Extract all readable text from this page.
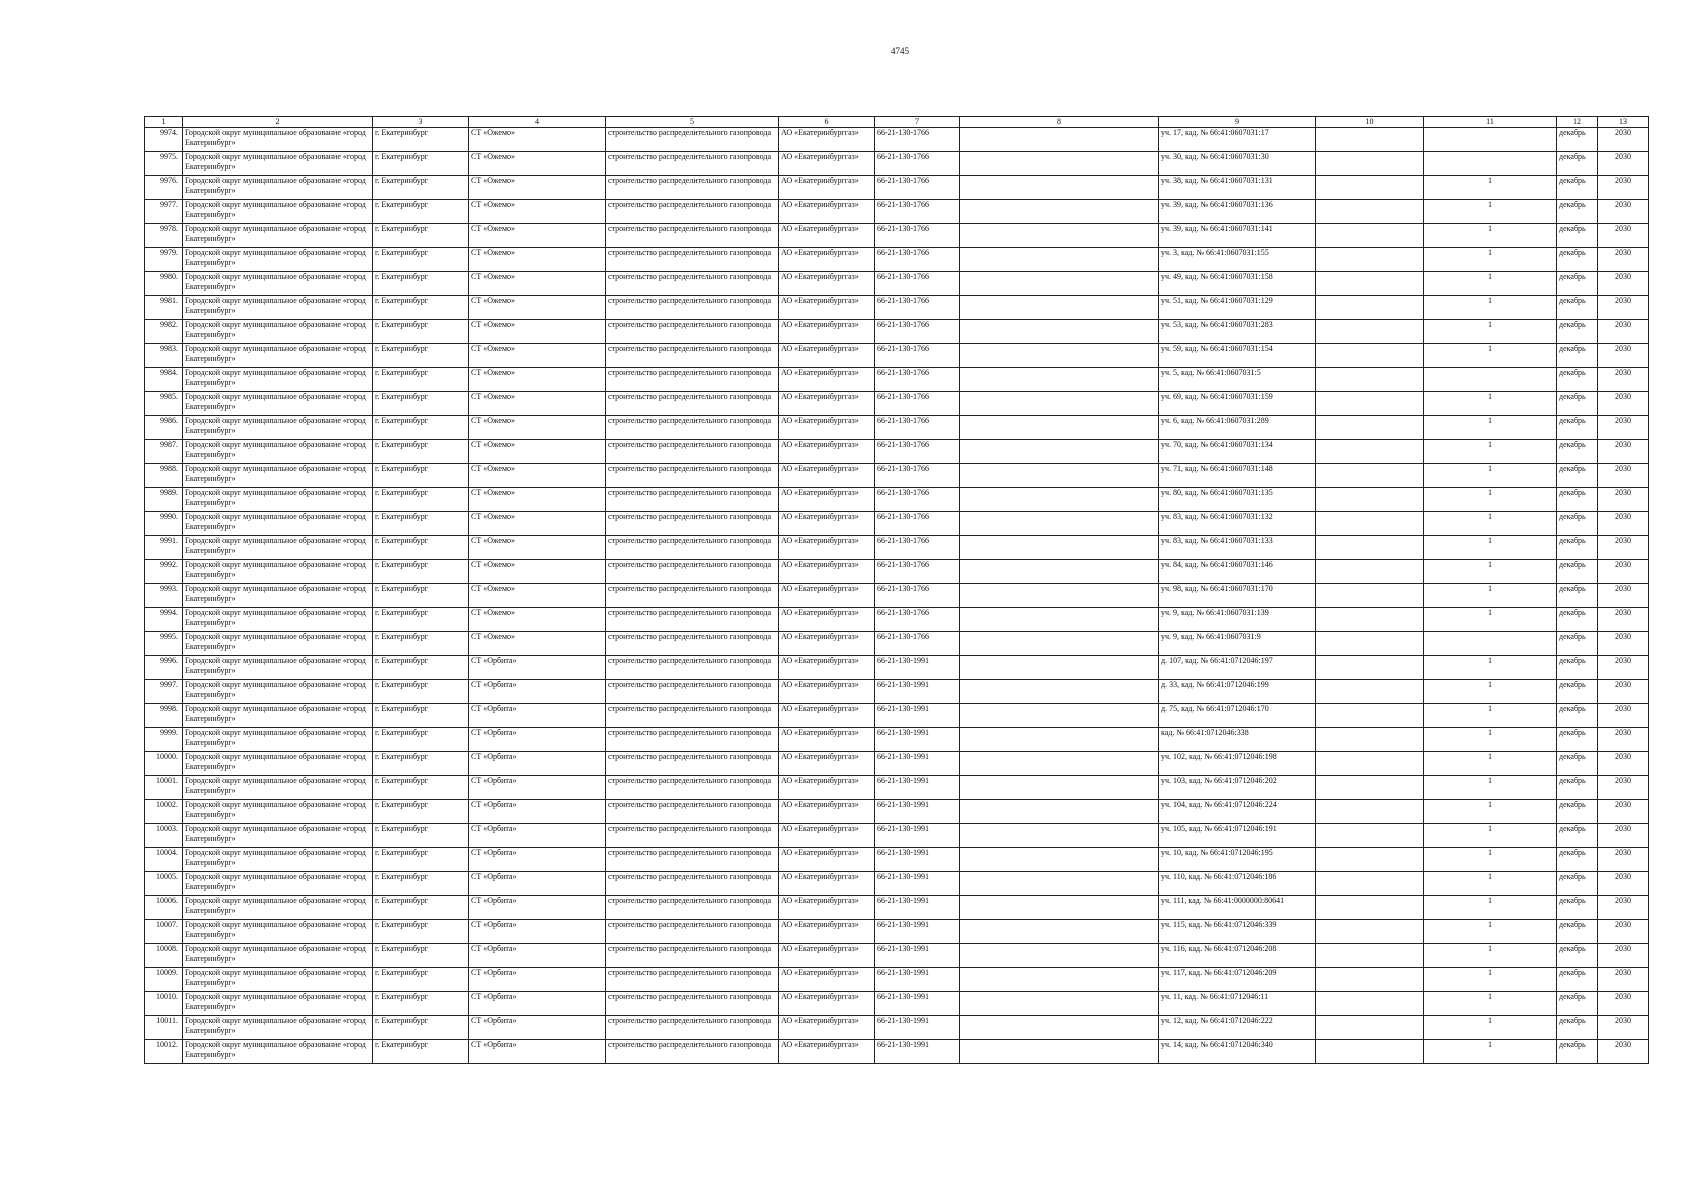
4745
1	2	3	4	5	6	7	8	9	10	11	12	13
9974.	Городской округ муниципальное образование «город Екатеринбург»	г. Екатеринбург	СТ «Ожемо»	строительство распределительного газопровода	АО «Екатеринбурггаз»	66-21-130-1766		уч. 17, кад. № 66:41:0607031:17			декабрь	2030
9975.	Городской округ муниципальное образование «город Екатеринбург»	г. Екатеринбург	СТ «Ожемо»	строительство распределительного газопровода	АО «Екатеринбурггаз»	66-21-130-1766		уч. 30, кад. № 66:41:0607031:30			декабрь	2030
9976.	Городской округ муниципальное образование «город Екатеринбург»	г. Екатеринбург	СТ «Ожемо»	строительство распределительного газопровода	АО «Екатеринбурггаз»	66-21-130-1766		уч. 38, кад. № 66:41:0607031:131		1	декабрь	2030
9977.	Городской округ муниципальное образование «город Екатеринбург»	г. Екатеринбург	СТ «Ожемо»	строительство распределительного газопровода	АО «Екатеринбурггаз»	66-21-130-1766		уч. 39, кад. № 66:41:0607031:136		1	декабрь	2030
9978.	Городской округ муниципальное образование «город Екатеринбург»	г. Екатеринбург	СТ «Ожемо»	строительство распределительного газопровода	АО «Екатеринбурггаз»	66-21-130-1766		уч. 39, кад. № 66:41:0607031:141		1	декабрь	2030
9979.	Городской округ муниципальное образование «город Екатеринбург»	г. Екатеринбург	СТ «Ожемо»	строительство распределительного газопровода	АО «Екатеринбурггаз»	66-21-130-1766		уч. 3, кад. № 66:41:0607031:155		1	декабрь	2030
9980.	Городской округ муниципальное образование «город Екатеринбург»	г. Екатеринбург	СТ «Ожемо»	строительство распределительного газопровода	АО «Екатеринбурггаз»	66-21-130-1766		уч. 49, кад. № 66:41:0607031:158		1	декабрь	2030
9981.	Городской округ муниципальное образование «город Екатеринбург»	г. Екатеринбург	СТ «Ожемо»	строительство распределительного газопровода	АО «Екатеринбурггаз»	66-21-130-1766		уч. 51, кад. № 66:41:0607031:129		1	декабрь	2030
9982.	Городской округ муниципальное образование «город Екатеринбург»	г. Екатеринбург	СТ «Ожемо»	строительство распределительного газопровода	АО «Екатеринбурггаз»	66-21-130-1766		уч. 53, кад. № 66:41:0607031:283		1	декабрь	2030
9983.	Городской округ муниципальное образование «город Екатеринбург»	г. Екатеринбург	СТ «Ожемо»	строительство распределительного газопровода	АО «Екатеринбурггаз»	66-21-130-1766		уч. 59, кад. № 66:41:0607031:154		1	декабрь	2030
9984.	Городской округ муниципальное образование «город Екатеринбург»	г. Екатеринбург	СТ «Ожемо»	строительство распределительного газопровода	АО «Екатеринбурггаз»	66-21-130-1766		уч. 5, кад. № 66:41:0607031:5			декабрь	2030
9985.	Городской округ муниципальное образование «город Екатеринбург»	г. Екатеринбург	СТ «Ожемо»	строительство распределительного газопровода	АО «Екатеринбурггаз»	66-21-130-1766		уч. 69, кад. № 66:41:0607031:159		1	декабрь	2030
9986.	Городской округ муниципальное образование «город Екатеринбург»	г. Екатеринбург	СТ «Ожемо»	строительство распределительного газопровода	АО «Екатеринбурггаз»	66-21-130-1766		уч. 6, кад. № 66:41:0607031:289		1	декабрь	2030
9987.	Городской округ муниципальное образование «город Екатеринбург»	г. Екатеринбург	СТ «Ожемо»	строительство распределительного газопровода	АО «Екатеринбурггаз»	66-21-130-1766		уч. 70, кад. № 66:41:0607031:134		1	декабрь	2030
9988.	Городской округ муниципальное образование «город Екатеринбург»	г. Екатеринбург	СТ «Ожемо»	строительство распределительного газопровода	АО «Екатеринбурггаз»	66-21-130-1766		уч. 71, кад. № 66:41:0607031:148		1	декабрь	2030
9989.	Городской округ муниципальное образование «город Екатеринбург»	г. Екатеринбург	СТ «Ожемо»	строительство распределительного газопровода	АО «Екатеринбурггаз»	66-21-130-1766		уч. 80, кад. № 66:41:0607031:135		1	декабрь	2030
9990.	Городской округ муниципальное образование «город Екатеринбург»	г. Екатеринбург	СТ «Ожемо»	строительство распределительного газопровода	АО «Екатеринбурггаз»	66-21-130-1766		уч. 83, кад. № 66:41:0607031:132		1	декабрь	2030
9991.	Городской округ муниципальное образование «город Екатеринбург»	г. Екатеринбург	СТ «Ожемо»	строительство распределительного газопровода	АО «Екатеринбурггаз»	66-21-130-1766		уч. 83, кад. № 66:41:0607031:133		1	декабрь	2030
9992.	Городской округ муниципальное образование «город Екатеринбург»	г. Екатеринбург	СТ «Ожемо»	строительство распределительного газопровода	АО «Екатеринбурггаз»	66-21-130-1766		уч. 84, кад. № 66:41:0607031:146		1	декабрь	2030
9993.	Городской округ муниципальное образование «город Екатеринбург»	г. Екатеринбург	СТ «Ожемо»	строительство распределительного газопровода	АО «Екатеринбурггаз»	66-21-130-1766		уч. 98, кад. № 66:41:0607031:170		1	декабрь	2030
9994.	Городской округ муниципальное образование «город Екатеринбург»	г. Екатеринбург	СТ «Ожемо»	строительство распределительного газопровода	АО «Екатеринбурггаз»	66-21-130-1766		уч. 9, кад. № 66:41:0607031:139		1	декабрь	2030
9995.	Городской округ муниципальное образование «город Екатеринбург»	г. Екатеринбург	СТ «Ожемо»	строительство распределительного газопровода	АО «Екатеринбурггаз»	66-21-130-1766		уч. 9, кад. № 66:41:0607031:9			декабрь	2030
9996.	Городской округ муниципальное образование «город Екатеринбург»	г. Екатеринбург	СТ «Орбита»	строительство распределительного газопровода	АО «Екатеринбурггаз»	66-21-130-1991		д. 107, кад. № 66:41:0712046:197		1	декабрь	2030
9997.	Городской округ муниципальное образование «город Екатеринбург»	г. Екатеринбург	СТ «Орбита»	строительство распределительного газопровода	АО «Екатеринбурггаз»	66-21-130-1991		д. 33, кад. № 66:41:0712046:199		1	декабрь	2030
9998.	Городской округ муниципальное образование «город Екатеринбург»	г. Екатеринбург	СТ «Орбита»	строительство распределительного газопровода	АО «Екатеринбурггаз»	66-21-130-1991		д. 75, кад. № 66:41:0712046:170		1	декабрь	2030
9999.	Городской округ муниципальное образование «город Екатеринбург»	г. Екатеринбург	СТ «Орбита»	строительство распределительного газопровода	АО «Екатеринбурггаз»	66-21-130-1991		кад. № 66:41:0712046:338		1	декабрь	2030
10000.	Городской округ муниципальное образование «город Екатеринбург»	г. Екатеринбург	СТ «Орбита»	строительство распределительного газопровода	АО «Екатеринбурггаз»	66-21-130-1991		уч. 102, кад. № 66:41:0712046:198		1	декабрь	2030
10001.	Городской округ муниципальное образование «город Екатеринбург»	г. Екатеринбург	СТ «Орбита»	строительство распределительного газопровода	АО «Екатеринбурггаз»	66-21-130-1991		уч. 103, кад. № 66:41:0712046:202		1	декабрь	2030
10002.	Городской округ муниципальное образование «город Екатеринбург»	г. Екатеринбург	СТ «Орбита»	строительство распределительного газопровода	АО «Екатеринбурггаз»	66-21-130-1991		уч. 104, кад. № 66:41:0712046:224		1	декабрь	2030
10003.	Городской округ муниципальное образование «город Екатеринбург»	г. Екатеринбург	СТ «Орбита»	строительство распределительного газопровода	АО «Екатеринбурггаз»	66-21-130-1991		уч. 105, кад. № 66:41:0712046:191		1	декабрь	2030
10004.	Городской округ муниципальное образование «город Екатеринбург»	г. Екатеринбург	СТ «Орбита»	строительство распределительного газопровода	АО «Екатеринбурггаз»	66-21-130-1991		уч. 10, кад. № 66:41:0712046:195		1	декабрь	2030
10005.	Городской округ муниципальное образование «город Екатеринбург»	г. Екатеринбург	СТ «Орбита»	строительство распределительного газопровода	АО «Екатеринбурггаз»	66-21-130-1991		уч. 110, кад. № 66:41:0712046:186		1	декабрь	2030
10006.	Городской округ муниципальное образование «город Екатеринбург»	г. Екатеринбург	СТ «Орбита»	строительство распределительного газопровода	АО «Екатеринбурггаз»	66-21-130-1991		уч. 111, кад. № 66:41:0000000:80641		1	декабрь	2030
10007.	Городской округ муниципальное образование «город Екатеринбург»	г. Екатеринбург	СТ «Орбита»	строительство распределительного газопровода	АО «Екатеринбурггаз»	66-21-130-1991		уч. 115, кад. № 66:41:0712046:339		1	декабрь	2030
10008.	Городской округ муниципальное образование «город Екатеринбург»	г. Екатеринбург	СТ «Орбита»	строительство распределительного газопровода	АО «Екатеринбурггаз»	66-21-130-1991		уч. 116, кад. № 66:41:0712046:208		1	декабрь	2030
10009.	Городской округ муниципальное образование «город Екатеринбург»	г. Екатеринбург	СТ «Орбита»	строительство распределительного газопровода	АО «Екатеринбурггаз»	66-21-130-1991		уч. 117, кад. № 66:41:0712046:209		1	декабрь	2030
10010.	Городской округ муниципальное образование «город Екатеринбург»	г. Екатеринбург	СТ «Орбита»	строительство распределительного газопровода	АО «Екатеринбурггаз»	66-21-130-1991		уч. 11, кад. № 66:41:0712046:11		1	декабрь	2030
10011.	Городской округ муниципальное образование «город Екатеринбург»	г. Екатеринбург	СТ «Орбита»	строительство распределительного газопровода	АО «Екатеринбурггаз»	66-21-130-1991		уч. 12, кад. № 66:41:0712046:222		1	декабрь	2030
10012.	Городской округ муниципальное образование «город Екатеринбург»	г. Екатеринбург	СТ «Орбита»	строительство распределительного газопровода	АО «Екатеринбурггаз»	66-21-130-1991		уч. 14, кад. № 66:41:0712046:340		1	декабрь	2030
